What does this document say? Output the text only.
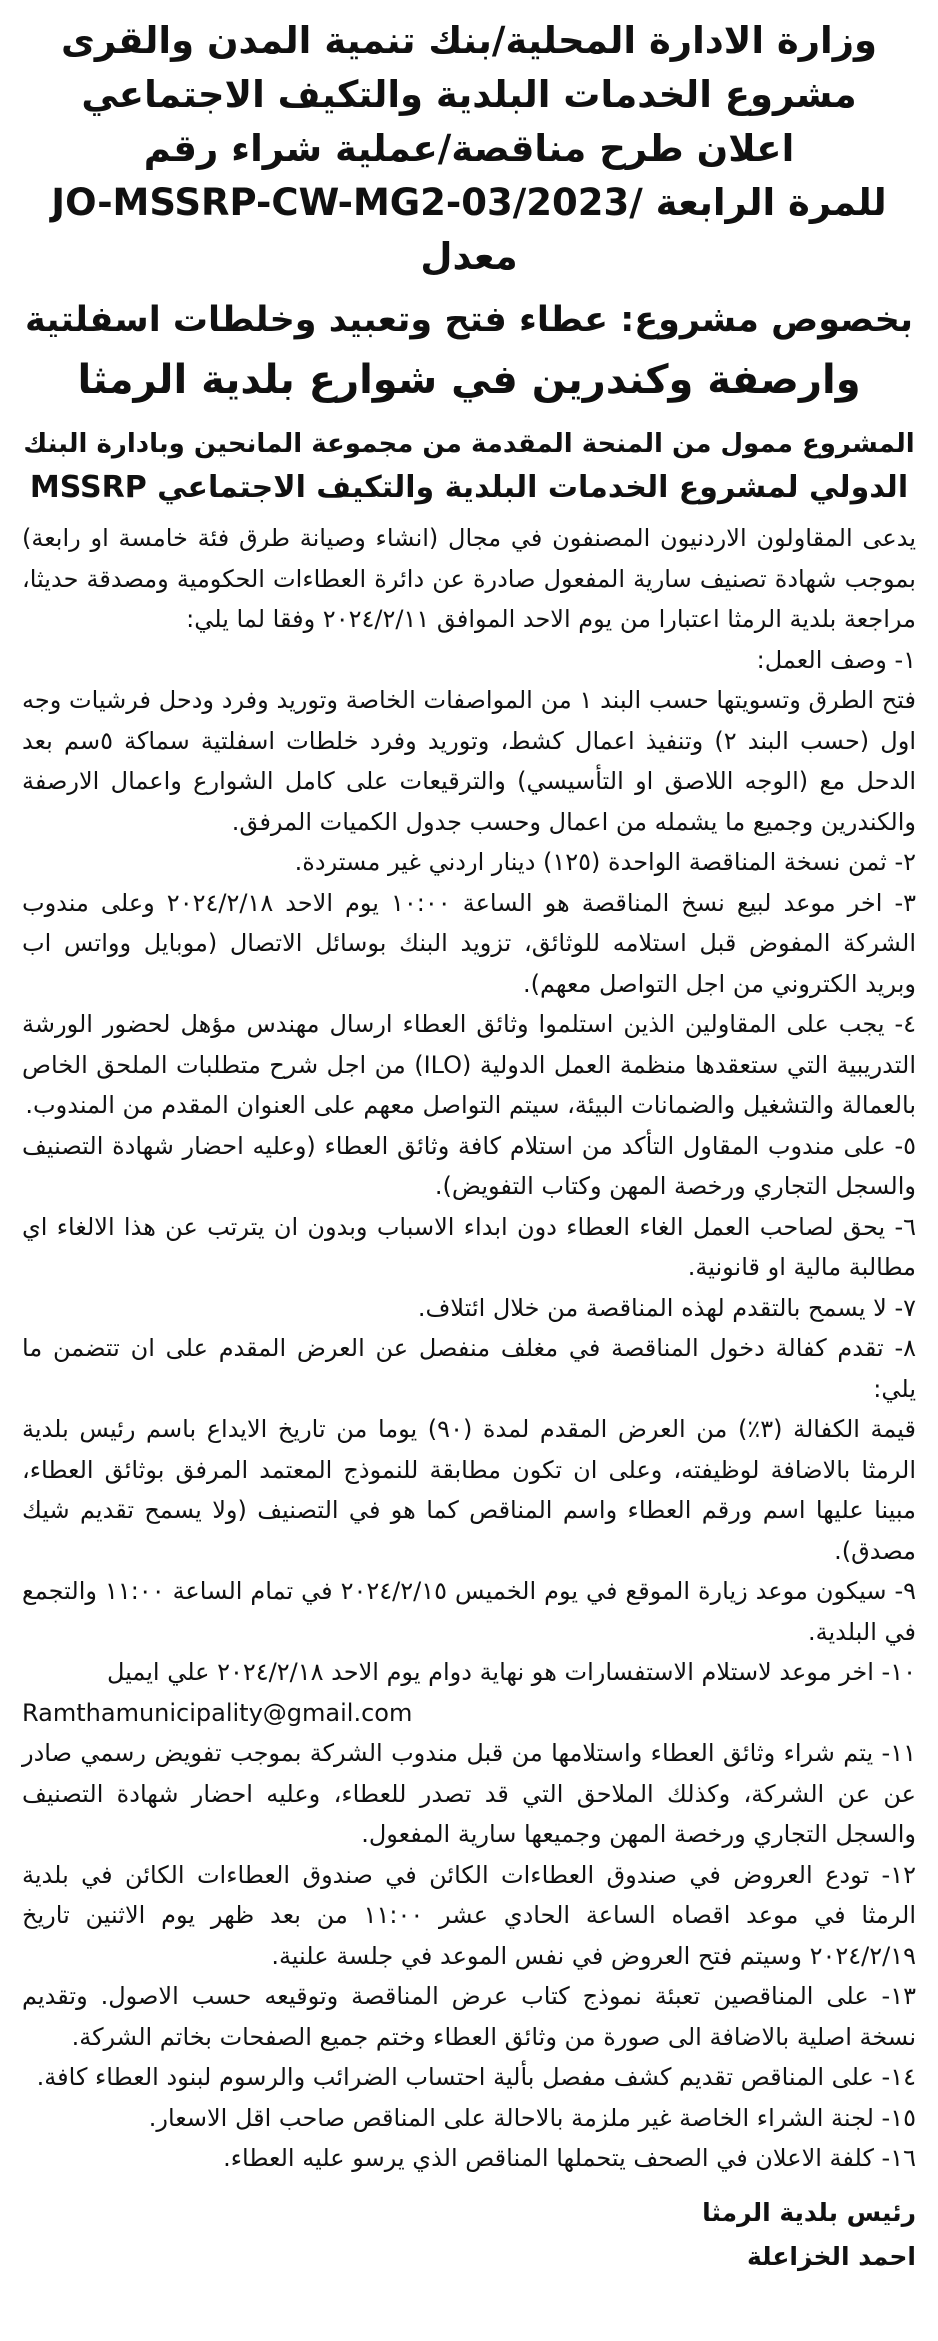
وزارة الادارة المحلية/بنك تنمية المدن والقرى
مشروع الخدمات البلدية والتكيف الاجتماعي
اعلان طرح مناقصة/عملية شراء رقم
JO-MSSRP-CW-MG2-03/2023/ للمرة الرابعة
معدل
بخصوص مشروع: عطاء فتح وتعبيد وخلطات اسفلتية
وارصفة وكندرين في شوارع بلدية الرمثا
المشروع ممول من المنحة المقدمة من مجموعة المانحين وبادارة البنك
الدولي لمشروع الخدمات البلدية والتكيف الاجتماعي MSSRP

يدعى المقاولون الاردنيون المصنفون في مجال (انشاء وصيانة طرق فئة خامسة او رابعة) بموجب شهادة تصنيف سارية المفعول صادرة عن دائرة العطاءات الحكومية ومصدقة حديثا، مراجعة بلدية الرمثا اعتبارا من يوم الاحد الموافق ٢٠٢٤/٢/١١ وفقا لما يلي:

١- وصف العمل:

فتح الطرق وتسويتها حسب البند ١ من المواصفات الخاصة وتوريد وفرد ودحل فرشيات وجه اول (حسب البند ٢) وتنفيذ اعمال كشط، وتوريد وفرد خلطات اسفلتية سماكة ٥سم بعد الدحل مع (الوجه اللاصق او التأسيسي) والترقيعات على كامل الشوارع واعمال الارصفة والكندرين وجميع ما يشمله من اعمال وحسب جدول الكميات المرفق.

٢- ثمن نسخة المناقصة الواحدة (١٢٥) دينار اردني غير مستردة.

٣- اخر موعد لبيع نسخ المناقصة هو الساعة ١٠:٠٠ يوم الاحد ٢٠٢٤/٢/١٨ وعلى مندوب الشركة المفوض قبل استلامه للوثائق، تزويد البنك بوسائل الاتصال (موبايل وواتس اب وبريد الكتروني من اجل التواصل معهم).

٤- يجب على المقاولين الذين استلموا وثائق العطاء ارسال مهندس مؤهل لحضور الورشة التدريبية التي ستعقدها منظمة العمل الدولية (ILO) من اجل شرح متطلبات الملحق الخاص بالعمالة والتشغيل والضمانات البيئة، سيتم التواصل معهم على العنوان المقدم من المندوب.

٥- على مندوب المقاول التأكد من استلام كافة وثائق العطاء (وعليه احضار شهادة التصنيف والسجل التجاري ورخصة المهن وكتاب التفويض).

٦- يحق لصاحب العمل الغاء العطاء دون ابداء الاسباب وبدون ان يترتب عن هذا الالغاء اي مطالبة مالية او قانونية.

٧- لا يسمح بالتقدم لهذه المناقصة من خلال ائتلاف.

٨- تقدم كفالة دخول المناقصة في مغلف منفصل عن العرض المقدم على ان تتضمن ما يلي:

قيمة الكفالة (٣٪) من العرض المقدم لمدة (٩٠) يوما من تاريخ الايداع باسم رئيس بلدية الرمثا بالاضافة لوظيفته، وعلى ان تكون مطابقة للنموذج المعتمد المرفق بوثائق العطاء، مبينا عليها اسم ورقم العطاء واسم المناقص كما هو في التصنيف (ولا يسمح تقديم شيك مصدق).

٩- سيكون موعد زيارة الموقع في يوم الخميس ٢٠٢٤/٢/١٥ في تمام الساعة ١١:٠٠ والتجمع في البلدية.

١٠- اخر موعد لاستلام الاستفسارات هو نهاية دوام يوم الاحد ٢٠٢٤/٢/١٨ علي ايميل

Ramthamunicipality@gmail.com

١١- يتم شراء وثائق العطاء واستلامها من قبل مندوب الشركة بموجب تفويض رسمي صادر عن عن الشركة، وكذلك الملاحق التي قد تصدر للعطاء، وعليه احضار شهادة التصنيف والسجل التجاري ورخصة المهن وجميعها سارية المفعول.

١٢- تودع العروض في صندوق العطاءات الكائن في صندوق العطاءات الكائن في بلدية الرمثا في موعد اقصاه الساعة الحادي عشر ١١:٠٠ من بعد ظهر يوم الاثنين تاريخ ٢٠٢٤/٢/١٩ وسيتم فتح العروض في نفس الموعد في جلسة علنية.

١٣- على المناقصين تعبئة نموذج كتاب عرض المناقصة وتوقيعه حسب الاصول. وتقديم نسخة اصلية بالاضافة الى صورة من وثائق العطاء وختم جميع الصفحات بخاتم الشركة.

١٤- على المناقص تقديم كشف مفصل بألية احتساب الضرائب والرسوم لبنود العطاء كافة.

١٥- لجنة الشراء الخاصة غير ملزمة بالاحالة على المناقص صاحب اقل الاسعار.

١٦- كلفة الاعلان في الصحف يتحملها المناقص الذي يرسو عليه العطاء.

رئيس بلدية الرمثا

احمد الخزاعلة
